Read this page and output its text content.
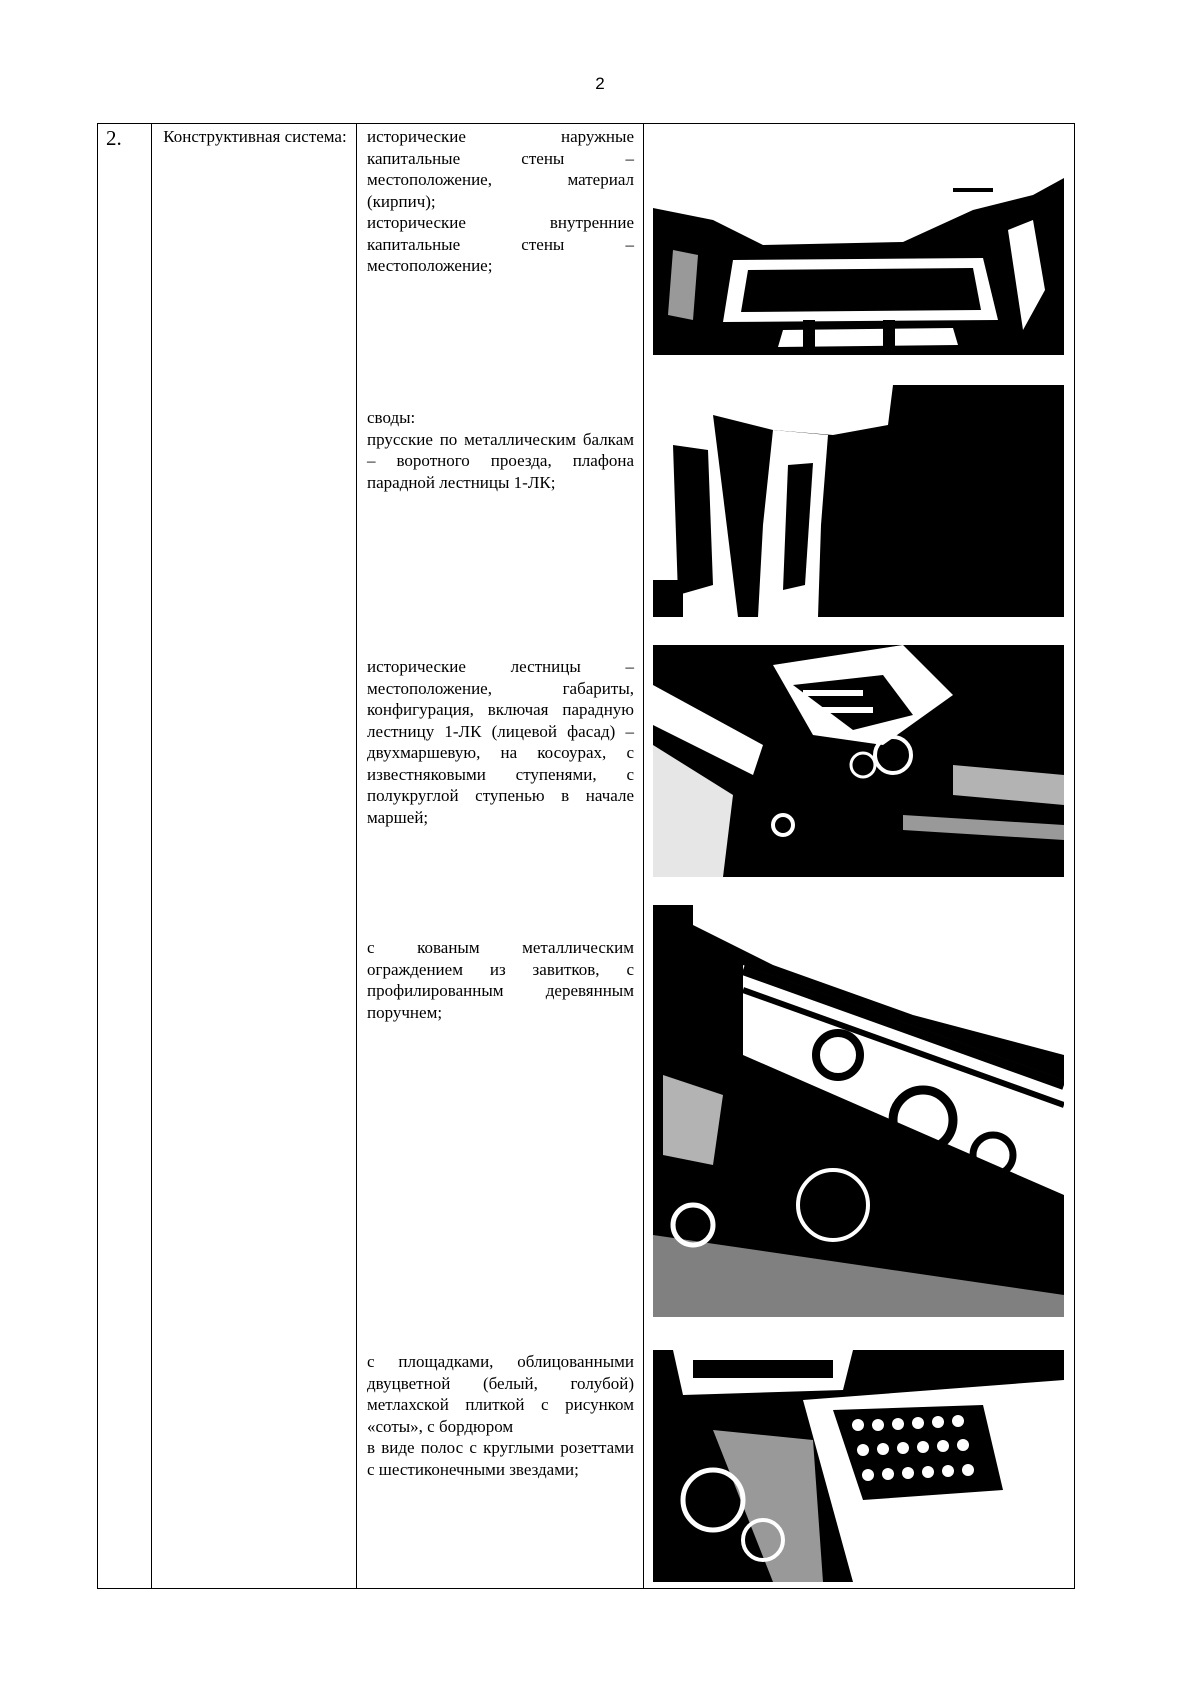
2
2.	Конструктивная система:	исторические наружные капитальные стены – местоположение, материал (кирпич);

исторические внутренние капитальные стены – местоположение;

своды:

прусские по металлическим балкам – воротного проезда, плафона парадной лестницы 1-ЛК;

исторические лестницы – местоположение, габариты, конфигурация, включая парадную лестницу 1-ЛК (лицевой фасад) – двухмаршевую, на косоурах, с известняковыми ступенями, с полукруглой ступенью в начале маршей;

с кованым металлическим ограждением из завитков, с профилированным деревянным поручнем;

с площадками, облицованными двуцветной (белый, голубой) метлахской плиткой с рисунком «соты», с бордюром

в виде полос с круглыми розеттами с шестиконечными звездами;
